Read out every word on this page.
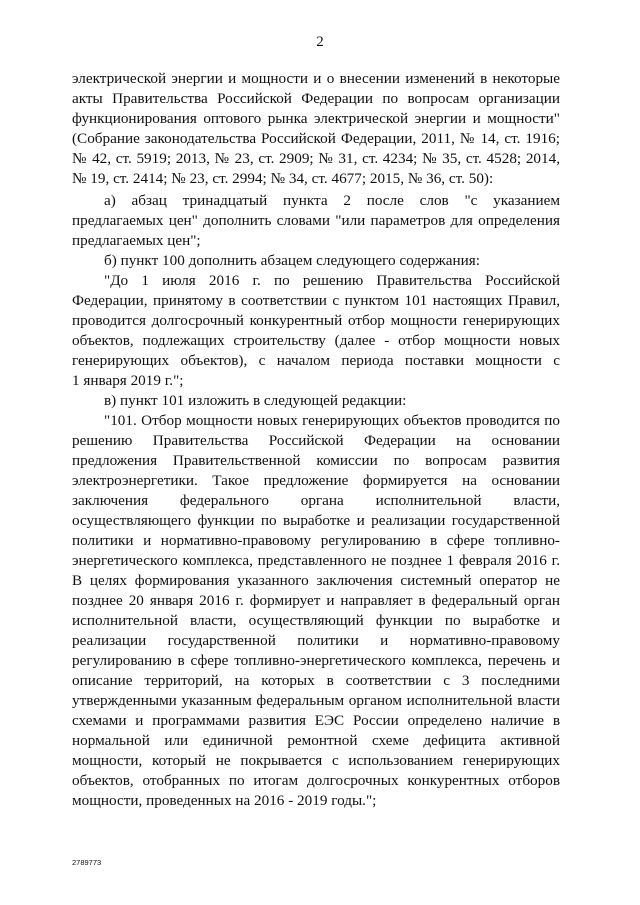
2
электрической энергии и мощности и о внесении изменений в некоторые
акты Правительства Российской Федерации по вопросам организации
функционирования оптового рынка электрической энергии и мощности"
(Собрание законодательства Российской Федерации, 2011, № 14, ст. 1916;
№ 42, ст. 5919; 2013, № 23, ст. 2909; № 31, ст. 4234; № 35, ст. 4528; 2014,
№ 19, ст. 2414; № 23, ст. 2994; № 34, ст. 4677; 2015, № 36, ст. 50):
а) абзац тринадцатый пункта 2 после слов "с указанием
предлагаемых цен" дополнить словами "или параметров для определения
предлагаемых цен";
б) пункт 100 дополнить абзацем следующего содержания:
"До 1 июля 2016 г. по решению Правительства Российской
Федерации, принятому в соответствии с пунктом 101 настоящих Правил,
проводится долгосрочный конкурентный отбор мощности генерирующих
объектов, подлежащих строительству (далее - отбор мощности новых
генерирующих объектов), с началом периода поставки мощности с
1 января 2019 г.";
в) пункт 101 изложить в следующей редакции:
"101. Отбор мощности новых генерирующих объектов проводится по
решению Правительства Российской Федерации на основании
предложения Правительственной комиссии по вопросам развития
электроэнергетики. Такое предложение формируется на основании
заключения федерального органа исполнительной власти,
осуществляющего функции по выработке и реализации государственной
политики и нормативно-правовому регулированию в сфере топливно-
энергетического комплекса, представленного не позднее 1 февраля 2016 г.
В целях формирования указанного заключения системный оператор не
позднее 20 января 2016 г. формирует и направляет в федеральный орган
исполнительной власти, осуществляющий функции по выработке и
реализации государственной политики и нормативно-правовому
регулированию в сфере топливно-энергетического комплекса, перечень и
описание территорий, на которых в соответствии с 3 последними
утвержденными указанным федеральным органом исполнительной власти
схемами и программами развития ЕЭС России определено наличие в
нормальной или единичной ремонтной схеме дефицита активной
мощности, который не покрывается с использованием генерирующих
объектов, отобранных по итогам долгосрочных конкурентных отборов
мощности, проведенных на 2016 - 2019 годы.";
2789773
